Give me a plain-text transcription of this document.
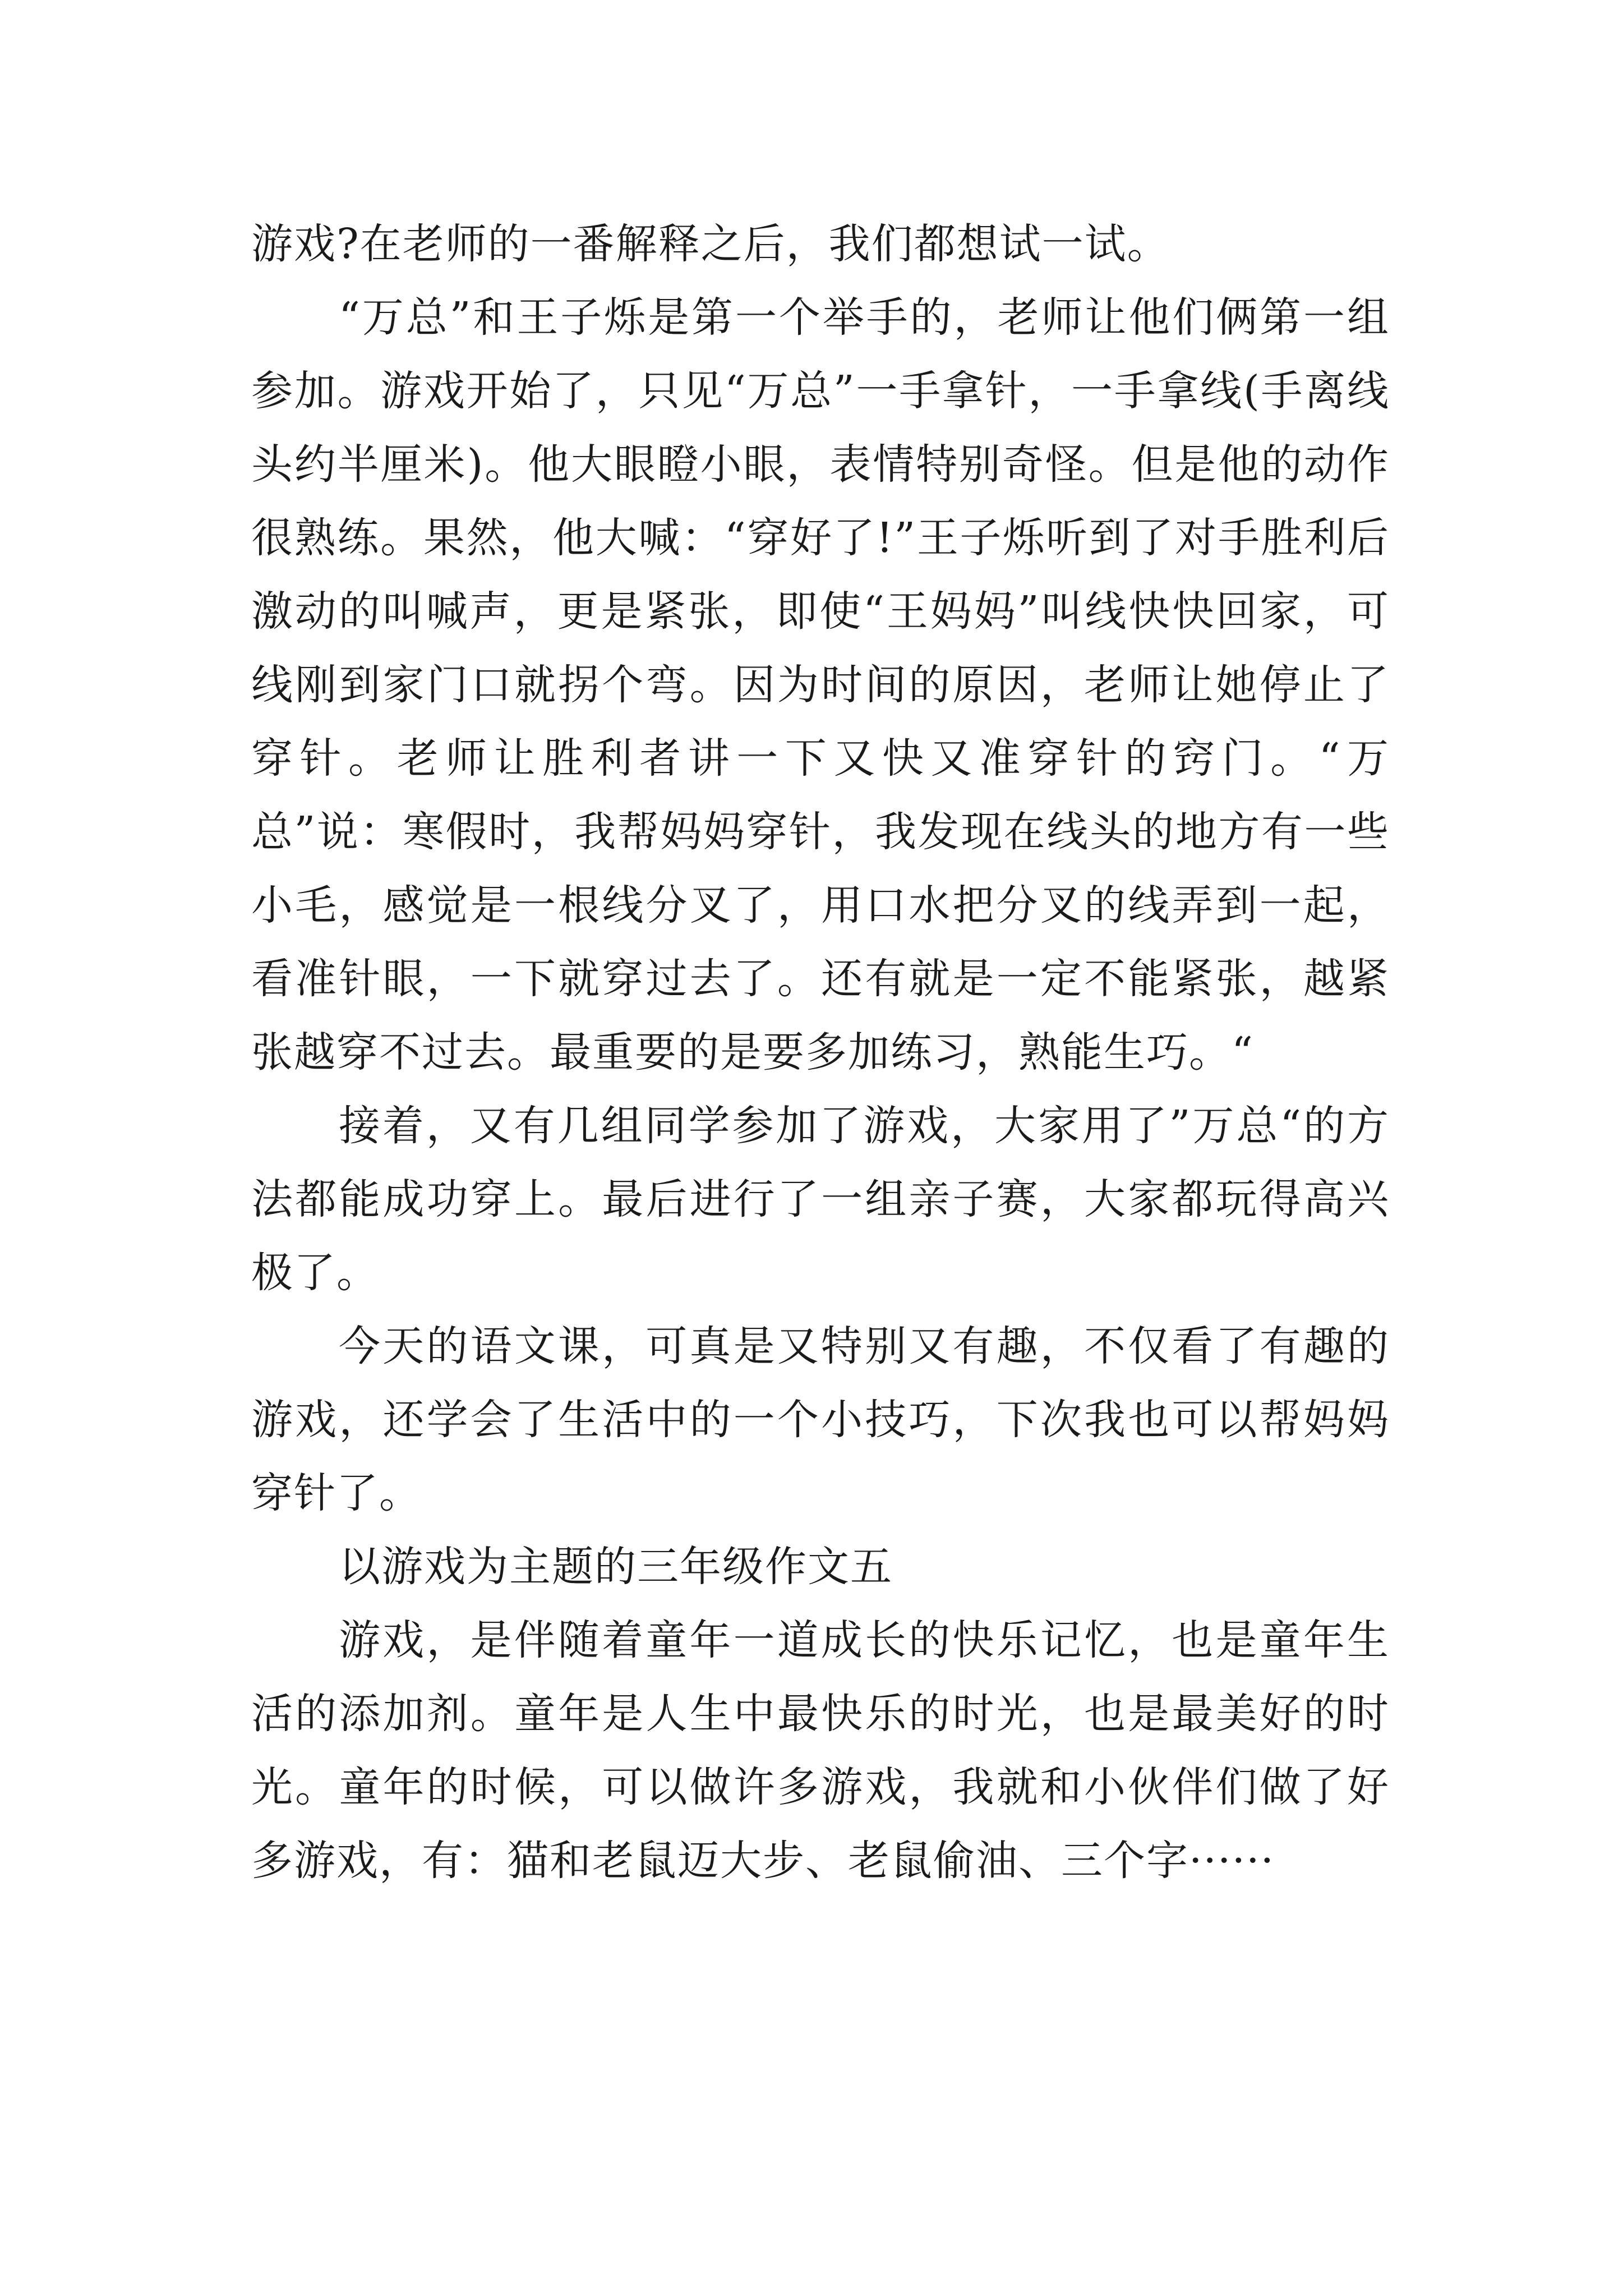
游戏?在老师的一番解释之后，我们都想试一试。

“万总”和王子烁是第一个举手的，老师让他们俩第一组参加。游戏开始了，只见“万总”一手拿针，一手拿线(手离线头约半厘米)。他大眼瞪小眼，表情特别奇怪。但是他的动作很熟练。果然，他大喊：“穿好了!”王子烁听到了对手胜利后激动的叫喊声，更是紧张，即使“王妈妈”叫线快快回家，可线刚到家门口就拐个弯。因为时间的原因，老师让她停止了穿针。老师让胜利者讲一下又快又准穿针的窍门。“万总”说：寒假时，我帮妈妈穿针，我发现在线头的地方有一些小毛，感觉是一根线分叉了，用口水把分叉的线弄到一起，看准针眼，一下就穿过去了。还有就是一定不能紧张，越紧张越穿不过去。最重要的是要多加练习，熟能生巧。“

接着，又有几组同学参加了游戏，大家用了”万总“的方法都能成功穿上。最后进行了一组亲子赛，大家都玩得高兴极了。

今天的语文课，可真是又特别又有趣，不仅看了有趣的游戏，还学会了生活中的一个小技巧，下次我也可以帮妈妈穿针了。

以游戏为主题的三年级作文五

游戏，是伴随着童年一道成长的快乐记忆，也是童年生活的添加剂。童年是人生中最快乐的时光，也是最美好的时光。童年的时候，可以做许多游戏，我就和小伙伴们做了好多游戏，有：猫和老鼠迈大步、老鼠偷油、三个字······
